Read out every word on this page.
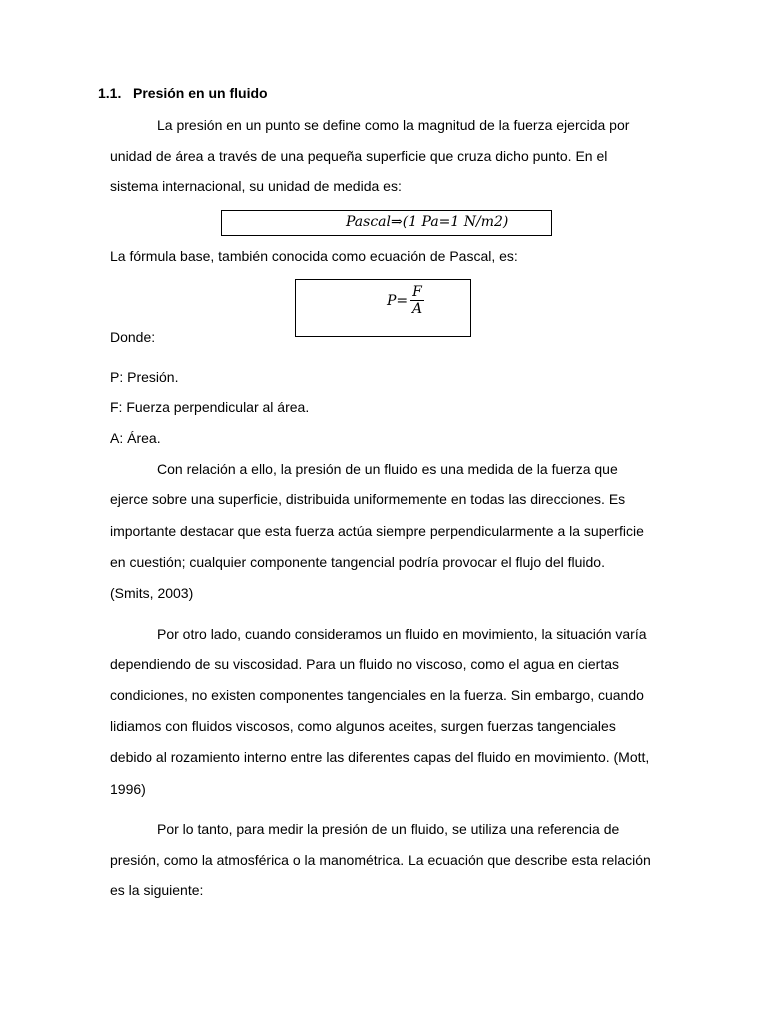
1.1. Presión en un fluido
La presión en un punto se define como la magnitud de la fuerza ejercida por
unidad de área a través de una pequeña superficie que cruza dicho punto. En el
sistema internacional, su unidad de medida es:
Pascal⇒(1 Pa=1 N/m2)
La fórmula base, también conocida como ecuación de Pascal, es:
$P= \frac{F}{A}$
Donde:
P: Presión.
F: Fuerza perpendicular al área.
A: Área.
Con relación a ello, la presión de un fluido es una medida de la fuerza que
ejerce sobre una superficie, distribuida uniformemente en todas las direcciones. Es
importante destacar que esta fuerza actúa siempre perpendicularmente a la superficie
en cuestión; cualquier componente tangencial podría provocar el flujo del fluido.
(Smits, 2003)
Por otro lado, cuando consideramos un fluido en movimiento, la situación varía
dependiendo de su viscosidad. Para un fluido no viscoso, como el agua en ciertas
condiciones, no existen componentes tangenciales en la fuerza. Sin embargo, cuando
lidiamos con fluidos viscosos, como algunos aceites, surgen fuerzas tangenciales
debido al rozamiento interno entre las diferentes capas del fluido en movimiento. (Mott,
1996)
Por lo tanto, para medir la presión de un fluido, se utiliza una referencia de
presión, como la atmosférica o la manométrica. La ecuación que describe esta relación
es la siguiente:
